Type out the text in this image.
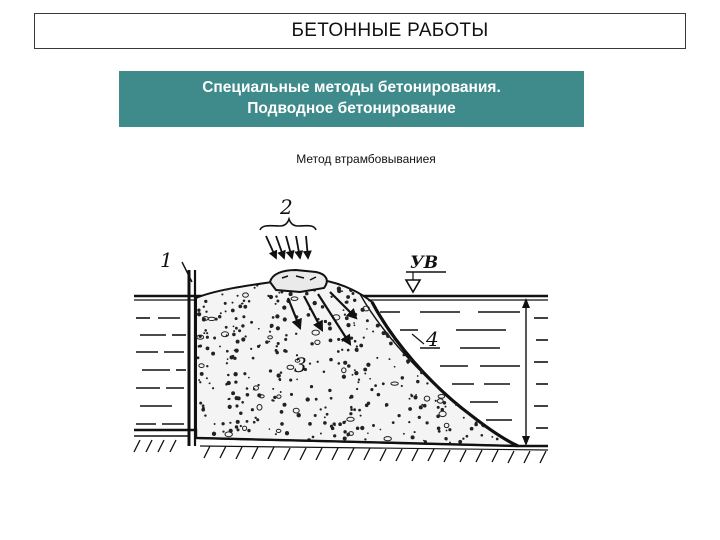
БЕТОННЫЕ РАБОТЫ
Специальные методы бетонирования.
Подводное бетонирование
Метод втрамбовываниея
1
2
3
4
УВ
